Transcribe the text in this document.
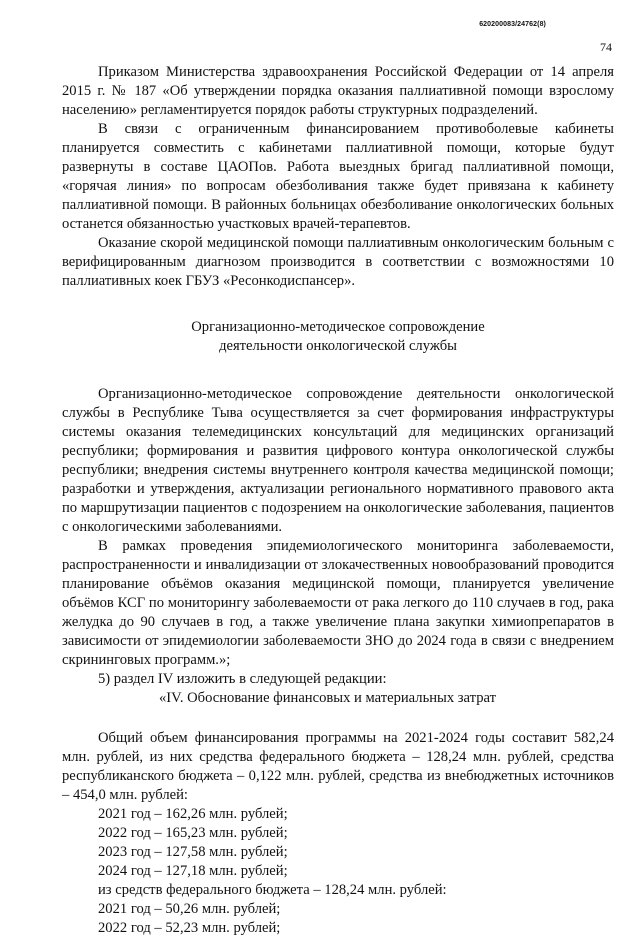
620200083/24762(8)
74

Приказом Министерства здравоохранения Российской Федерации от 14 апреля 2015 г. № 187 «Об утверждении порядка оказания паллиативной помощи взрослому населению» регламентируется порядок работы структурных подразделений.

В связи с ограниченным финансированием противоболевые кабинеты планируется совместить с кабинетами паллиативной помощи, которые будут развернуты в составе ЦАОПов. Работа выездных бригад паллиативной помощи, «горячая линия» по вопросам обезболивания также будет привязана к кабинету паллиативной помощи. В районных больницах обезболивание онкологических больных останется обязанностью участковых врачей-терапевтов.

Оказание скорой медицинской помощи паллиативным онкологическим больным с верифицированным диагнозом производится в соответствии с возможностями 10 паллиативных коек ГБУЗ «Ресонкодиспансер».

Организационно-методическое сопровождение
деятельности онкологической службы

Организационно-методическое сопровождение деятельности онкологической службы в Республике Тыва осуществляется за счет формирования инфраструктуры системы оказания телемедицинских консультаций для медицинских организаций республики; формирования и развития цифрового контура онкологической службы республики; внедрения системы внутреннего контроля качества медицинской помощи; разработки и утверждения, актуализации регионального нормативного правового акта по маршрутизации пациентов с подозрением на онкологические заболевания, пациентов с онкологическими заболеваниями.

В рамках проведения эпидемиологического мониторинга заболеваемости, распространенности и инвалидизации от злокачественных новообразований проводится планирование объёмов оказания медицинской помощи, планируется увеличение объёмов КСГ по мониторингу заболеваемости от рака легкого до 110 случаев в год, рака желудка до 90 случаев в год, а также увеличение плана закупки химиопрепаратов в зависимости от эпидемиологии заболеваемости ЗНО до 2024 года в связи с внедрением скрининговых программ.»;

5) раздел IV изложить в следующей редакции:

«IV. Обоснование финансовых и материальных затрат

Общий объем финансирования программы на 2021-2024 годы составит 582,24 млн. рублей, из них средства федерального бюджета – 128,24 млн. рублей, средства республиканского бюджета – 0,122 млн. рублей, средства из внебюджетных источников – 454,0 млн. рублей:

2021 год – 162,26 млн. рублей;
2022 год – 165,23 млн. рублей;
2023 год – 127,58 млн. рублей;
2024 год – 127,18 млн. рублей;
из средств федерального бюджета – 128,24 млн. рублей:
2021 год – 50,26 млн. рублей;
2022 год – 52,23 млн. рублей;
